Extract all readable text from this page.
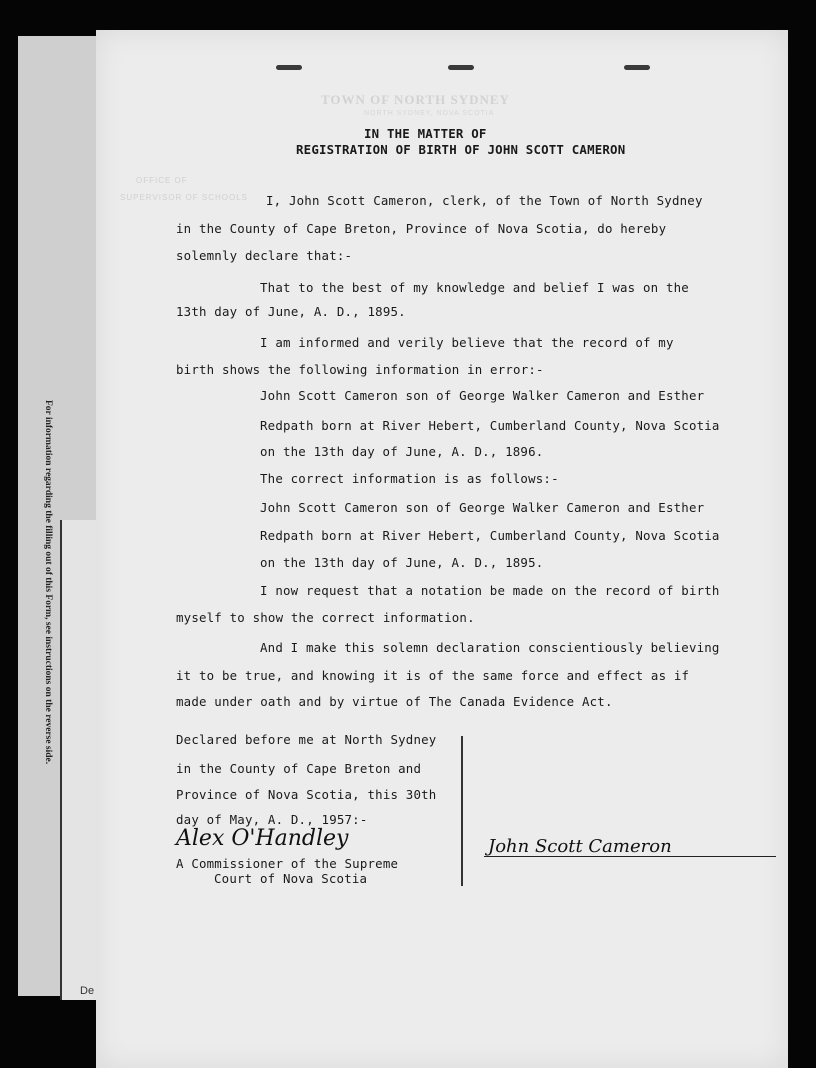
For information regarding the filling out of this Form, see instructions on the reverse side.
De
TOWN OF NORTH SYDNEY
NORTH SYDNEY, NOVA SCOTIA
OFFICE OF
SUPERVISOR OF SCHOOLS
IN THE MATTER OF
REGISTRATION OF BIRTH OF JOHN SCOTT CAMERON
I, John Scott Cameron, clerk, of the Town of North Sydney
in the County of Cape Breton, Province of Nova Scotia, do hereby
solemnly declare that:-
That to the best of my knowledge and belief I was on the
13th day of June, A. D., 1895.
I am informed and verily believe that the record of my
birth shows the following information in error:-
John Scott Cameron son of George Walker Cameron and Esther
Redpath born at River Hebert, Cumberland County, Nova Scotia
on the 13th day of June, A. D., 1896.
The correct information is as follows:-
John Scott Cameron son of George Walker Cameron and Esther
Redpath born at River Hebert, Cumberland County, Nova Scotia
on the 13th day of June, A. D., 1895.
I now request that a notation be made on the record of birth
myself to show the correct information.
And I make this solemn declaration conscientiously believing
it to be true, and knowing it is of the same force and effect as if
made under oath and by virtue of The Canada Evidence Act.
Declared before me at North Sydney
in the County of Cape Breton and
Province of Nova Scotia, this 30th
day of May, A. D., 1957:-
Alex O'Handley
A Commissioner of the Supreme
Court of Nova Scotia
John Scott Cameron
